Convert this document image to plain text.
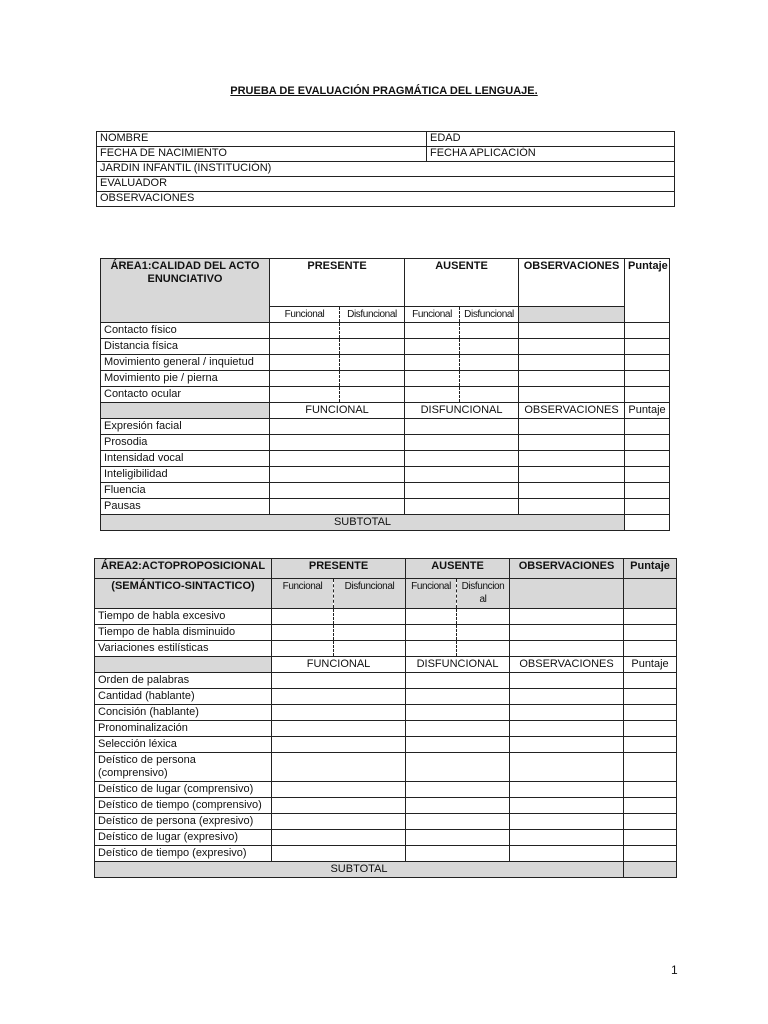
PRUEBA DE EVALUACIÓN PRAGMÁTICA DEL LENGUAJE.
NOMBRE	EDAD
FECHA DE NACIMIENTO	FECHA APLICACIÓN
JARDIN INFANTIL (INSTITUCIÓN)	
EVALUADOR	
OBSERVACIONES	
ÁREA1:CALIDAD DEL ACTO ENUNCIATIVO	PRESENTE		AUSENTE		OBSERVACIONES	Puntaje
	Funcional	Disfuncional	Funcional	Disfuncional		
Contacto físico						
Distancia física						
Movimiento general / inquietud						
Movimiento pie / pierna						
Contacto ocular						
	FUNCIONAL		DISFUNCIONAL		OBSERVACIONES	Puntaje
Expresión facial						
Prosodia						
Intensidad vocal						
Inteligibilidad						
Fluencia						
Pausas						
SUBTOTAL						
ÁREA2:ACTOPROPOSICIONAL	PRESENTE		AUSENTE		OBSERVACIONES	Puntaje
(SEMÁNTICO-SINTACTICO)	Funcional	Disfuncional	Funcional	Disfuncion al		
Tiempo de habla excesivo						
Tiempo de habla disminuido						
Variaciones estilísticas						
	FUNCIONAL		DISFUNCIONAL		OBSERVACIONES	Puntaje
Orden de palabras						
Cantidad (hablante)						
Concisión (hablante)						
Pronominalización						
Selección léxica						
Deístico de persona (comprensivo)						
Deístico de lugar (comprensivo)						
Deístico de tiempo (comprensivo)						
Deístico de persona (expresivo)						
Deístico de lugar (expresivo)						
Deístico de tiempo (expresivo)						
SUBTOTAL						
1
